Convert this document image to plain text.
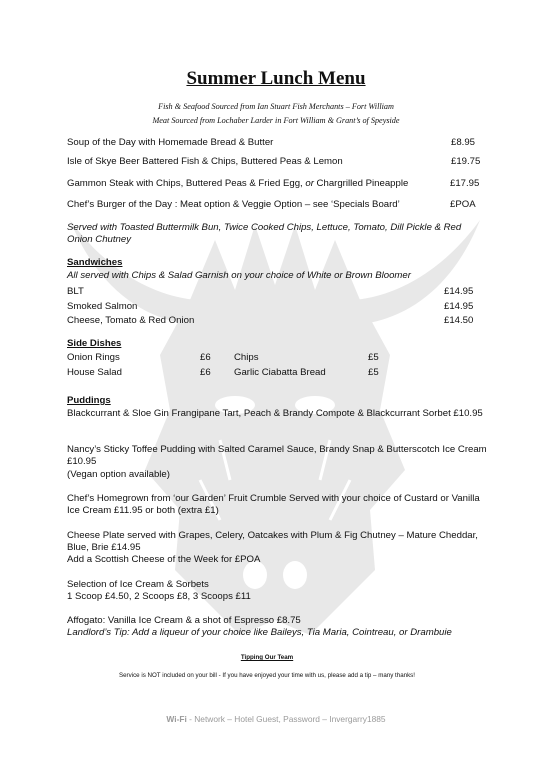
Summer Lunch Menu
Fish & Seafood Sourced from Ian Stuart Fish Merchants – Fort William
Meat Sourced from Lochaber Larder in Fort William & Grant’s of Speyside
Soup of the Day with Homemade Bread & Butter	£8.95
Isle of Skye Beer Battered Fish & Chips, Buttered Peas & Lemon	£19.75
Gammon Steak with Chips, Buttered Peas & Fried Egg, or Chargrilled Pineapple	£17.95
Chef’s Burger of the Day : Meat option & Veggie Option – see ‘Specials Board’	£POA
Served with Toasted Buttermilk Bun, Twice Cooked Chips, Lettuce, Tomato, Dill Pickle & Red Onion Chutney
Sandwiches
All served with Chips & Salad Garnish on your choice of White or Brown Bloomer
BLT	£14.95
Smoked Salmon	£14.95
Cheese, Tomato & Red Onion	£14.50
Side Dishes
Onion Rings	£6 Chips	£5
House Salad	£6 Garlic Ciabatta Bread	£5
Puddings
Blackcurrant & Sloe Gin Frangipane Tart, Peach & Brandy Compote & Blackcurrant Sorbet £10.95
Nancy’s Sticky Toffee Pudding with Salted Caramel Sauce, Brandy Snap & Butterscotch Ice Cream £10.95
(Vegan option available)
Chef’s Homegrown from ‘our Garden’ Fruit Crumble Served with your choice of Custard or Vanilla Ice Cream £11.95 or both (extra £1)
Cheese Plate served with Grapes, Celery, Oatcakes with Plum & Fig Chutney – Mature Cheddar, Blue, Brie £14.95
Add a Scottish Cheese of the Week for £POA
Selection of Ice Cream & Sorbets
1 Scoop £4.50, 2 Scoops £8, 3 Scoops £11
Affogato: Vanilla Ice Cream & a shot of Espresso £8.75
Landlord’s Tip: Add a liqueur of your choice like Baileys, Tia Maria, Cointreau, or Drambuie
Tipping Our Team
Service is NOT included on your bill - If you have enjoyed your time with us, please add a tip – many thanks!
Wi-Fi - Network – Hotel Guest, Password – Invergarry1885
